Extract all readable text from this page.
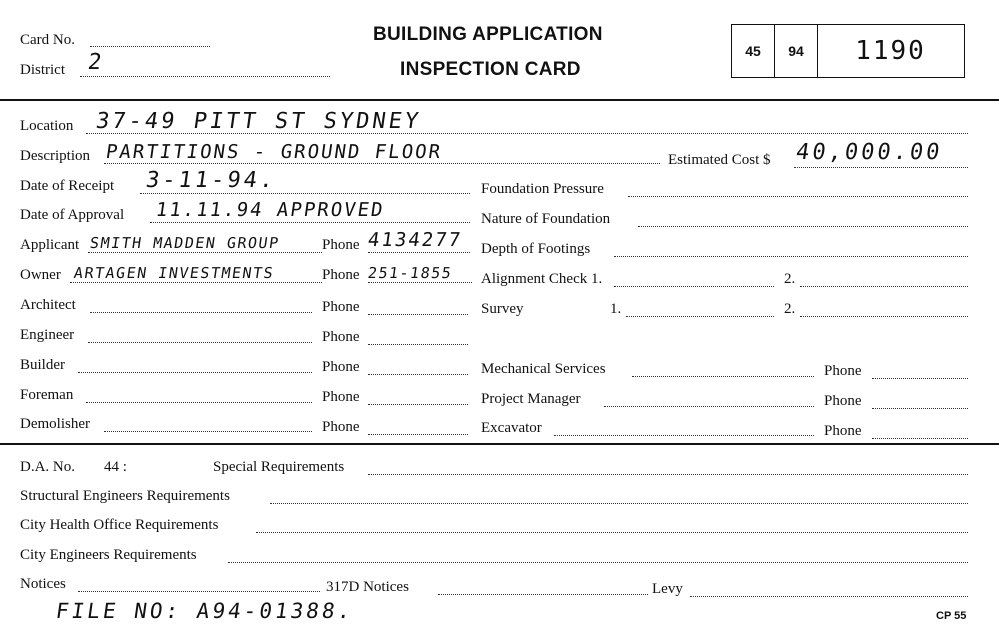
Card No.
District 2
BUILDING APPLICATION
INSPECTION CARD
45	94	1190
Location 37-49 PITT ST SYDNEY
Description PARTITIONS - GROUND FLOOR	Estimated Cost $ 40,000.00
Date of Receipt 3-11-94.	Foundation Pressure
Date of Approval 11.11.94 APPROVED	Nature of Foundation
Applicant SMITH MADDEN GROUP	Phone 4134277 Depth of Footings
Owner ARTAGEN INVESTMENTS	Phone 251-1855 Alignment Check 1.	2.
Architect	Phone	Survey	1.	2.
Engineer	Phone
Builder	Phone	Mechanical Services	Phone
Foreman	Phone	Project Manager	Phone
Demolisher	Phone	Excavator	Phone
D.A. No. 44 :	Special Requirements
Structural Engineers Requirements
City Health Office Requirements
City Engineers Requirements
Notices	317D Notices	Levy
FILE NO: A94-01388.	CP 55
